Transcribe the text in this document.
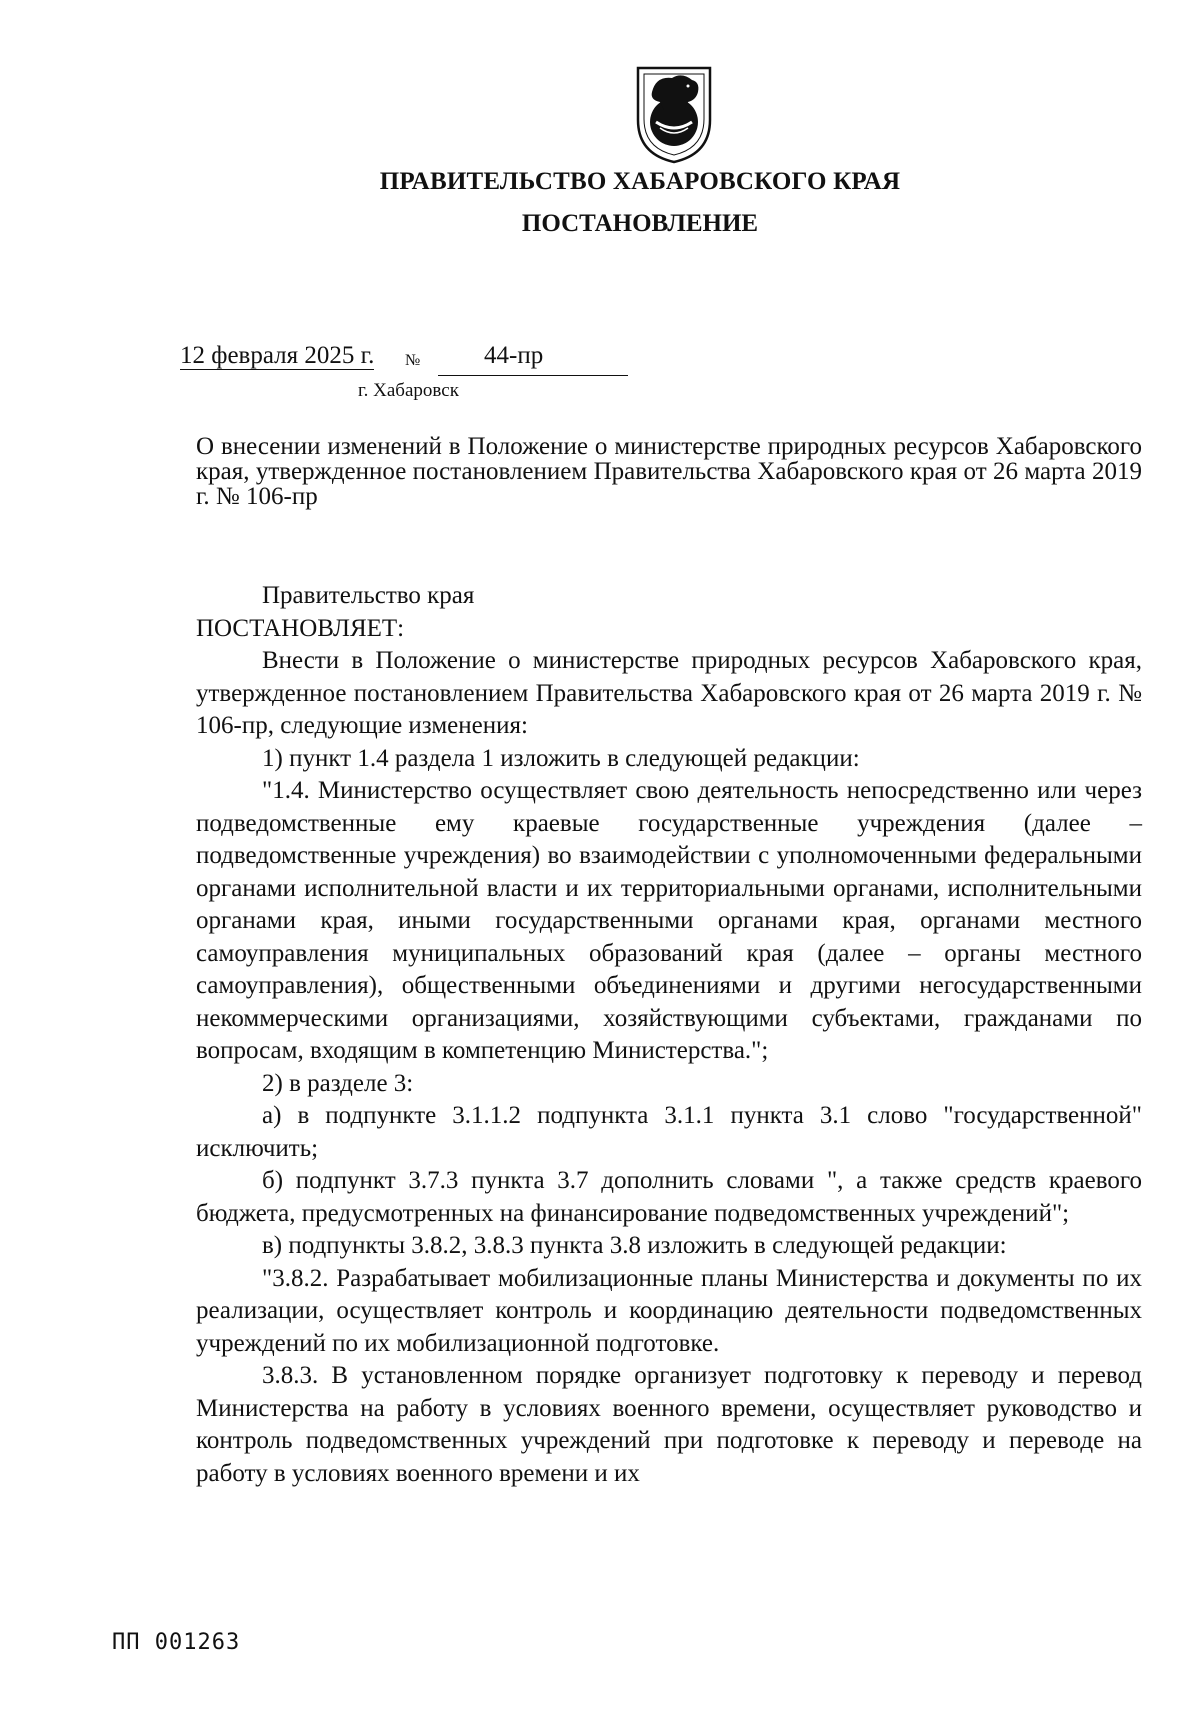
ПРАВИТЕЛЬСТВО ХАБАРОВСКОГО КРАЯ
ПОСТАНОВЛЕНИЕ
12 февраля 2025 г. №	44-пр
г. Хабаровск
О внесении изменений в Положение о министерстве природных ресурсов Хабаровского края, утвержденное постановлением Правительства Хабаровского края от 26 марта 2019 г. № 106-пр

Правительство края

ПОСТАНОВЛЯЕТ:

Внести в Положение о министерстве природных ресурсов Хабаровского края, утвержденное постановлением Правительства Хабаровского края от 26 марта 2019 г. № 106-пр, следующие изменения:

1) пункт 1.4 раздела 1 изложить в следующей редакции:

"1.4. Министерство осуществляет свою деятельность непосредственно или через подведомственные ему краевые государственные учреждения (далее – подведомственные учреждения) во взаимодействии с уполномоченными федеральными органами исполнительной власти и их территориальными органами, исполнительными органами края, иными государственными органами края, органами местного самоуправления муниципальных образований края (далее – органы местного самоуправления), общественными объединениями и другими негосударственными некоммерческими организациями, хозяйствующими субъектами, гражданами по вопросам, входящим в компетенцию Министерства.";

2) в разделе 3:

а) в подпункте 3.1.1.2 подпункта 3.1.1 пункта 3.1 слово "государственной" исключить;

б) подпункт 3.7.3 пункта 3.7 дополнить словами ", а также средств краевого бюджета, предусмотренных на финансирование подведомственных учреждений";

в) подпункты 3.8.2, 3.8.3 пункта 3.8 изложить в следующей редакции:

"3.8.2. Разрабатывает мобилизационные планы Министерства и документы по их реализации, осуществляет контроль и координацию деятельности подведомственных учреждений по их мобилизационной подготовке.

3.8.3. В установленном порядке организует подготовку к переводу и перевод Министерства на работу в условиях военного времени, осуществляет руководство и контроль подведомственных учреждений при подготовке к переводу и переводе на работу в условиях военного времени и их

ПП 001263
